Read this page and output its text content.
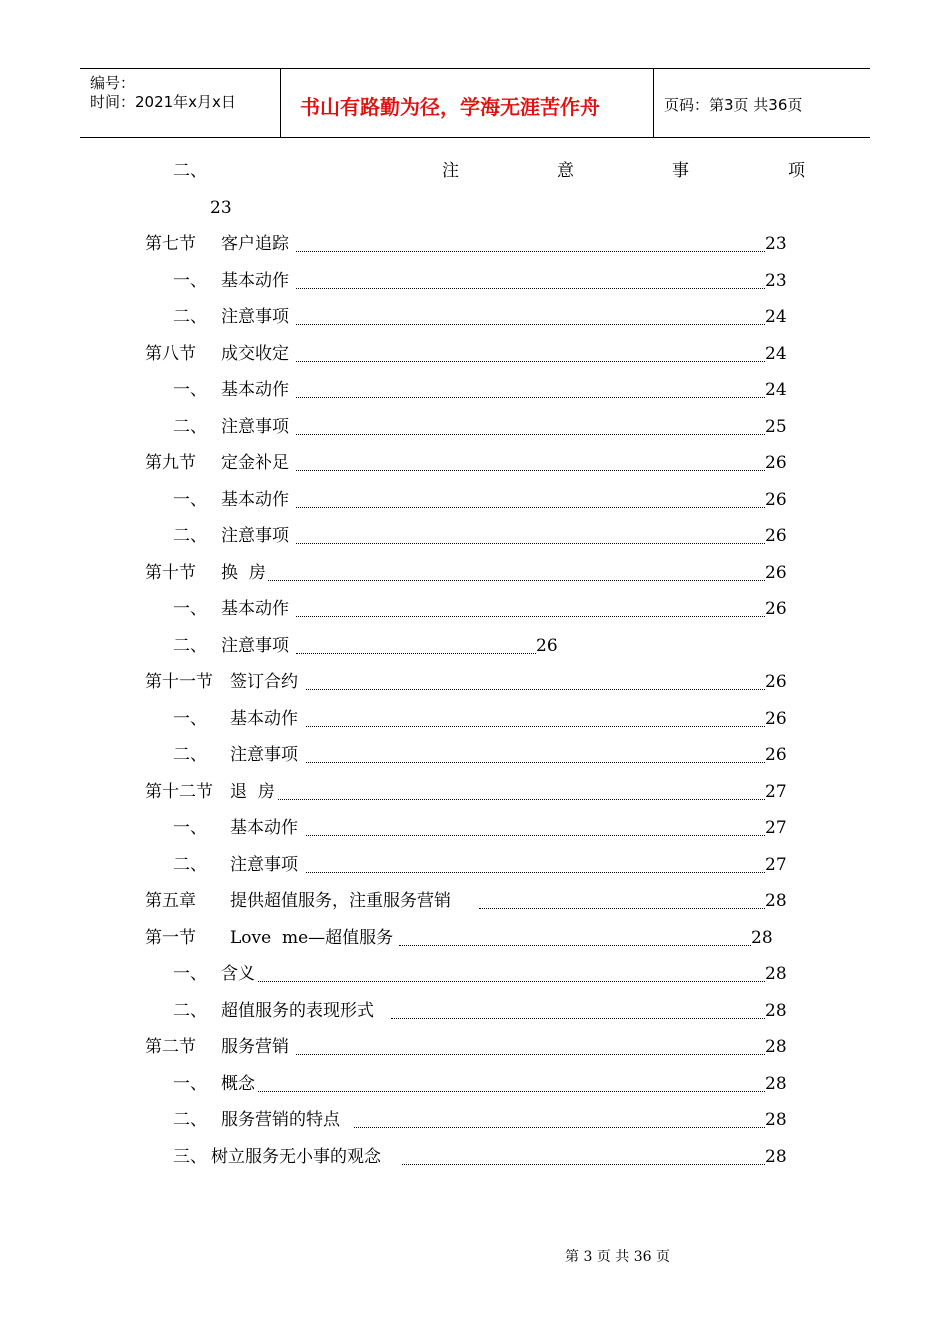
编号：
时间：2021年x月x日	书山有路勤为径，学海无涯苦作舟	页码：第3页 共36页
二、	注	意	事	项
23
第七节 客户追踪	23
一、 基本动作	23
二、 注意事项	24
第八节 成交收定	24
一、 基本动作	24
二、 注意事项	25
第九节 定金补足	26
一、 基本动作	26
二、 注意事项	26
第十节 换  房	26
一、 基本动作	26
二、 注意事项	26
第十一节 签订合约	26
一、 基本动作	26
二、 注意事项	26
第十二节 退  房	27
一、 基本动作	27
二、 注意事项	27
第五章 提供超值服务，注重服务营销	28
第一节 Love  me—超值服务	28
一、 含义	28
二、 超值服务的表现形式	28
第二节 服务营销	28
一、 概念	28
二、 服务营销的特点	28
三、 树立服务无小事的观念	28
第 3 页 共 36 页
